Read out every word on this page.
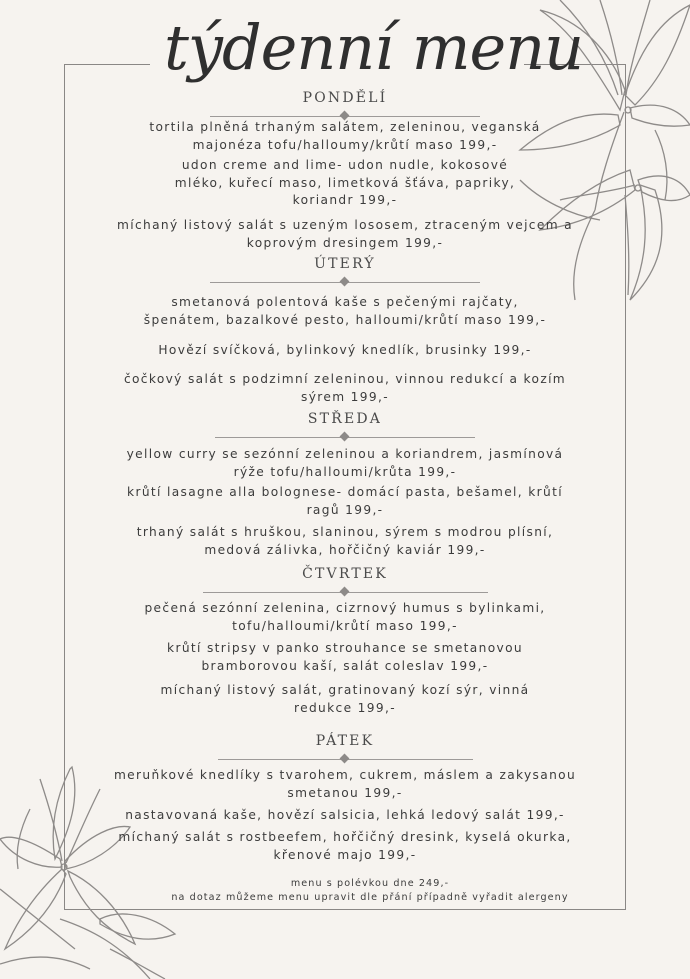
týdenní menu
PONDĚLÍ
tortila plněná trhaným salátem, zeleninou, veganská
majonéza tofu/halloumy/krůtí maso 199,-
udon creme and lime- udon nudle, kokosové
mléko, kuřecí maso, limetková šťáva, papriky,
koriandr 199,-
míchaný listový salát s uzeným lososem, ztraceným vejcem a
koprovým dresingem 199,-
ÚTERÝ
smetanová polentová kaše s pečenými rajčaty,
špenátem, bazalkové pesto, halloumi/krůtí maso 199,-
Hovězí svíčková, bylinkový knedlík, brusinky 199,-
čočkový salát s podzimní zeleninou, vinnou redukcí a kozím
sýrem 199,-
STŘEDA
yellow curry se sezónní zeleninou a koriandrem, jasmínová
rýže tofu/halloumi/krůta 199,-
krůtí lasagne alla bolognese- domácí pasta, bešamel, krůtí
ragů 199,-
trhaný salát s hruškou, slaninou, sýrem s modrou plísní,
medová zálivka, hořčičný kaviár 199,-
ČTVRTEK
pečená sezónní zelenina, cizrnový humus s bylinkami,
tofu/halloumi/krůtí maso 199,-
krůtí stripsy v panko strouhance se smetanovou
bramborovou kaší, salát coleslav 199,-
míchaný listový salát, gratinovaný kozí sýr, vinná
redukce 199,-
PÁTEK
meruňkové knedlíky s tvarohem, cukrem, máslem a zakysanou
smetanou 199,-
nastavovaná kaše, hovězí salsicia, lehká ledový salát 199,-
míchaný salát s rostbeefem, hořčičný dresink, kyselá okurka,
křenové majo 199,-
menu s polévkou dne 249,-
na dotaz můžeme menu upravit dle přání případně vyřadit alergeny
